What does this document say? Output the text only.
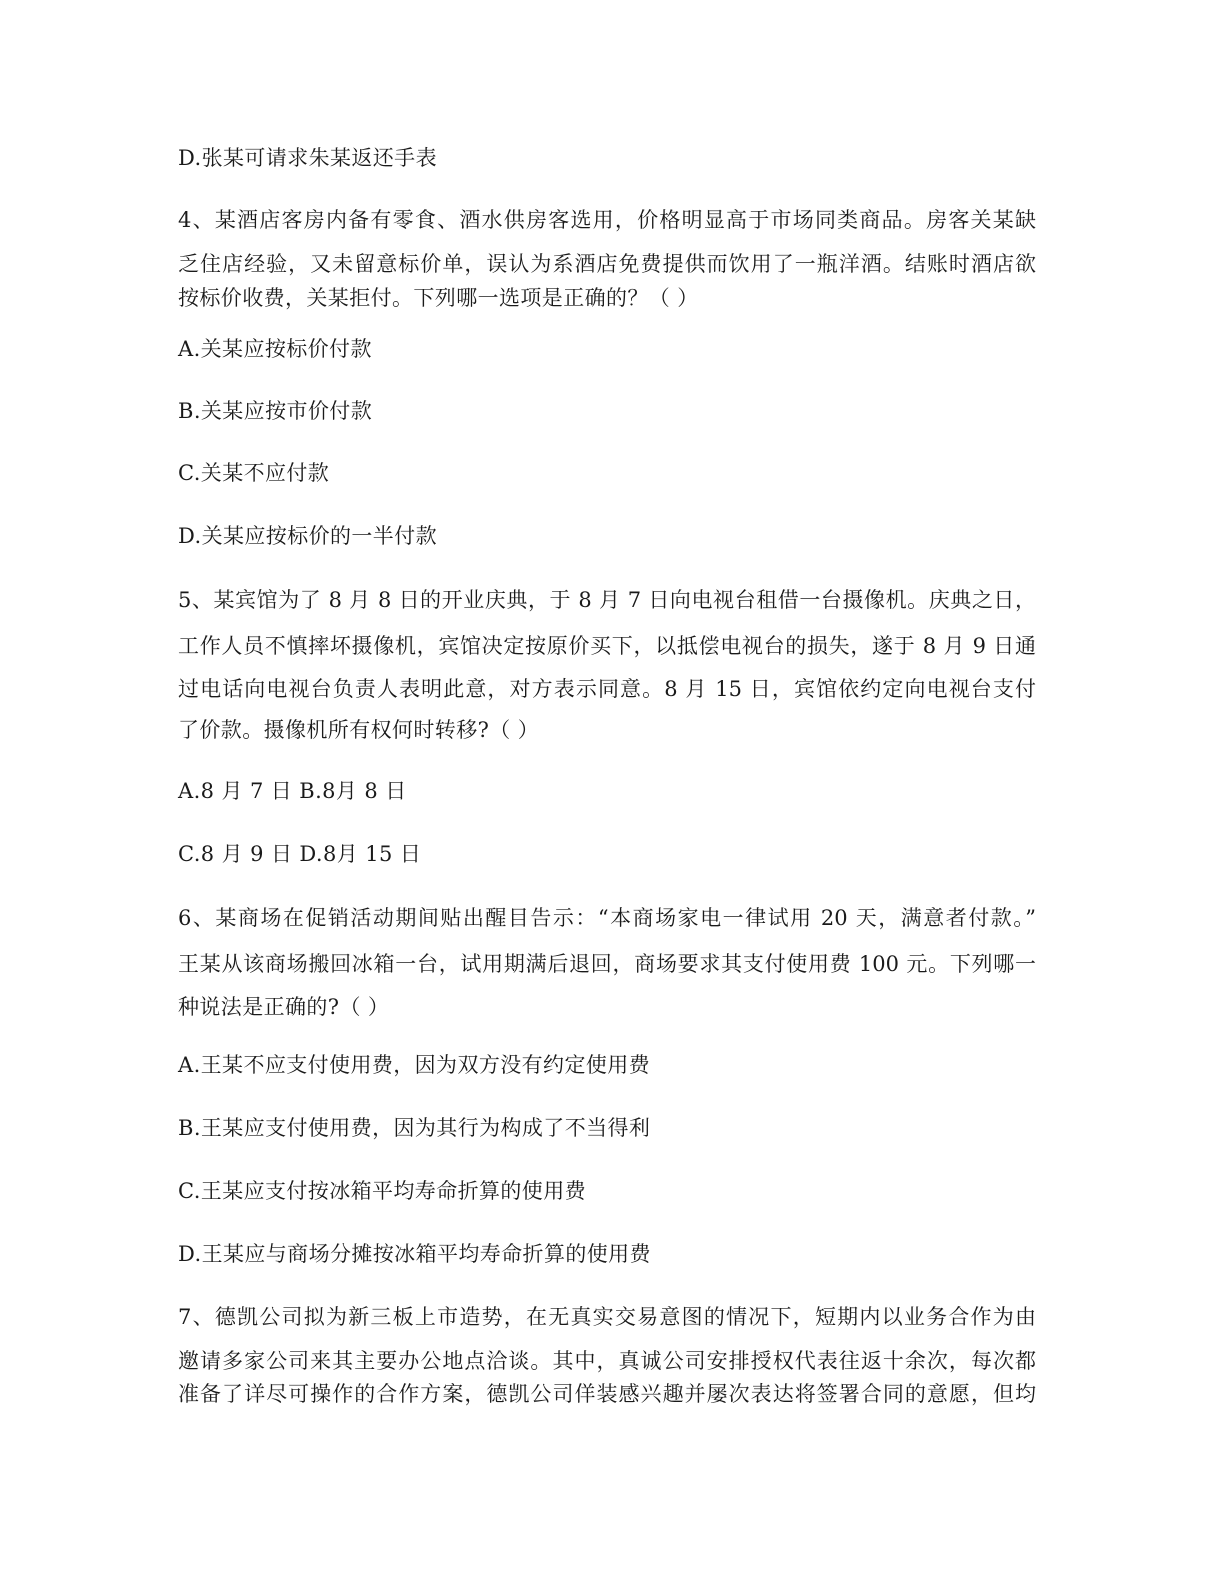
D.张某可请求朱某返还手表
4、某酒店客房内备有零食、酒水供房客选用，价格明显高于市场同类商品。房客关某缺
乏住店经验，又未留意标价单，误认为系酒店免费提供而饮用了一瓶洋酒。结账时酒店欲
按标价收费，关某拒付。下列哪一选项是正确的？（ ）
A.关某应按标价付款
B.关某应按市价付款
C.关某不应付款
D.关某应按标价的一半付款
5、某宾馆为了 8 月 8 日的开业庆典，于 8 月 7 日向电视台租借一台摄像机。庆典之日，
工作人员不慎摔坏摄像机，宾馆决定按原价买下，以抵偿电视台的损失，遂于 8 月 9 日通
过电话向电视台负责人表明此意，对方表示同意。8 月 15 日，宾馆依约定向电视台支付
了价款。摄像机所有权何时转移?（ ）
A.8 月 7 日 B.8月 8 日
C.8 月 9 日 D.8月 15 日
6、某商场在促销活动期间贴出醒目告示：“本商场家电一律试用 20 天，满意者付款。”
王某从该商场搬回冰箱一台，试用期满后退回，商场要求其支付使用费 100 元。下列哪一
种说法是正确的?（ ）
A.王某不应支付使用费，因为双方没有约定使用费
B.王某应支付使用费，因为其行为构成了不当得利
C.王某应支付按冰箱平均寿命折算的使用费
D.王某应与商场分摊按冰箱平均寿命折算的使用费
7、德凯公司拟为新三板上市造势，在无真实交易意图的情况下，短期内以业务合作为由
邀请多家公司来其主要办公地点洽谈。其中，真诚公司安排授权代表往返十余次，每次都
准备了详尽可操作的合作方案，德凯公司佯装感兴趣并屡次表达将签署合同的意愿，但均
